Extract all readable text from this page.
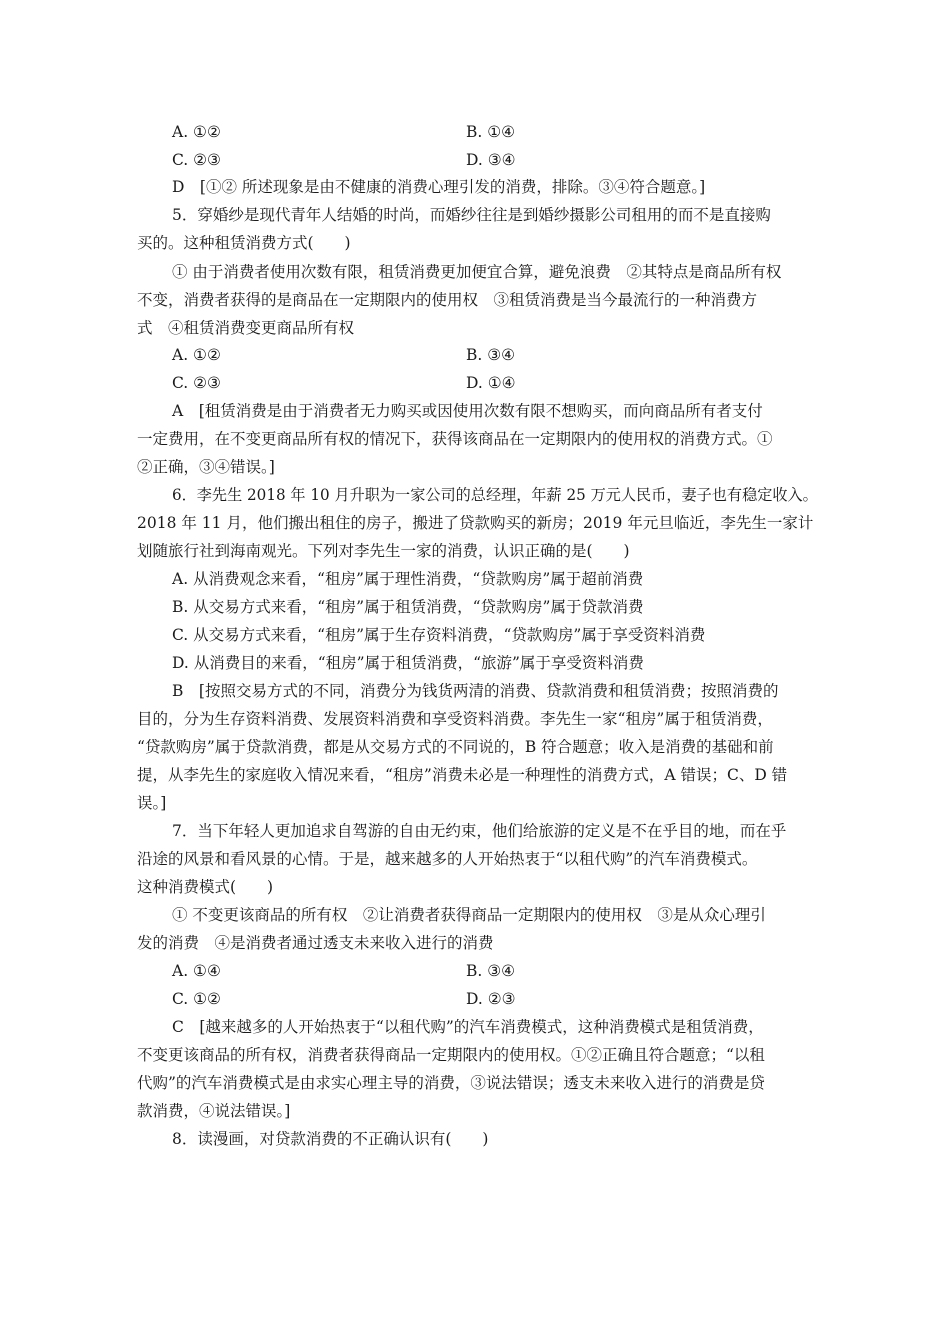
A. ①②	B. ①④
C. ②③	D. ③④
D　[①② 所述现象是由不健康的消费心理引发的消费，排除。③④符合题意。]
5．穿婚纱是现代青年人结婚的时尚，而婚纱往往是到婚纱摄影公司租用的而不是直接购
买的。这种租赁消费方式(　　)
① 由于消费者使用次数有限，租赁消费更加便宜合算，避免浪费　②其特点是商品所有权
不变，消费者获得的是商品在一定期限内的使用权　③租赁消费是当今最流行的一种消费方
式　④租赁消费变更商品所有权
A. ①②	B. ③④
C. ②③	D. ①④
A　[租赁消费是由于消费者无力购买或因使用次数有限不想购买，而向商品所有者支付
一定费用，在不变更商品所有权的情况下，获得该商品在一定期限内的使用权的消费方式。①
②正确，③④错误。]
6．李先生 2018 年 10 月升职为一家公司的总经理，年薪 25 万元人民币，妻子也有稳定收入。
2018 年 11 月，他们搬出租住的房子，搬进了贷款购买的新房；2019 年元旦临近，李先生一家计
划随旅行社到海南观光。下列对李先生一家的消费，认识正确的是(　　)
A. 从消费观念来看，“租房”属于理性消费，“贷款购房”属于超前消费
B. 从交易方式来看，“租房”属于租赁消费，“贷款购房”属于贷款消费
C. 从交易方式来看，“租房”属于生存资料消费，“贷款购房”属于享受资料消费
D. 从消费目的来看，“租房”属于租赁消费，“旅游”属于享受资料消费
B　[按照交易方式的不同，消费分为钱货两清的消费、贷款消费和租赁消费；按照消费的
目的，分为生存资料消费、发展资料消费和享受资料消费。李先生一家“租房”属于租赁消费，
“贷款购房”属于贷款消费，都是从交易方式的不同说的，B 符合题意；收入是消费的基础和前
提，从李先生的家庭收入情况来看，“租房”消费未必是一种理性的消费方式，A 错误；C、D 错
误。]
7．当下年轻人更加追求自驾游的自由无约束，他们给旅游的定义是不在乎目的地，而在乎
沿途的风景和看风景的心情。于是，越来越多的人开始热衷于“以租代购”的汽车消费模式。
这种消费模式(　　)
① 不变更该商品的所有权　②让消费者获得商品一定期限内的使用权　③是从众心理引
发的消费　④是消费者通过透支未来收入进行的消费
A. ①④	B. ③④
C. ①②	D. ②③
C　[越来越多的人开始热衷于“以租代购”的汽车消费模式，这种消费模式是租赁消费，
不变更该商品的所有权，消费者获得商品一定期限内的使用权。①②正确且符合题意；“以租
代购”的汽车消费模式是由求实心理主导的消费，③说法错误；透支未来收入进行的消费是贷
款消费，④说法错误。]
8．读漫画，对贷款消费的不正确认识有(　　)
